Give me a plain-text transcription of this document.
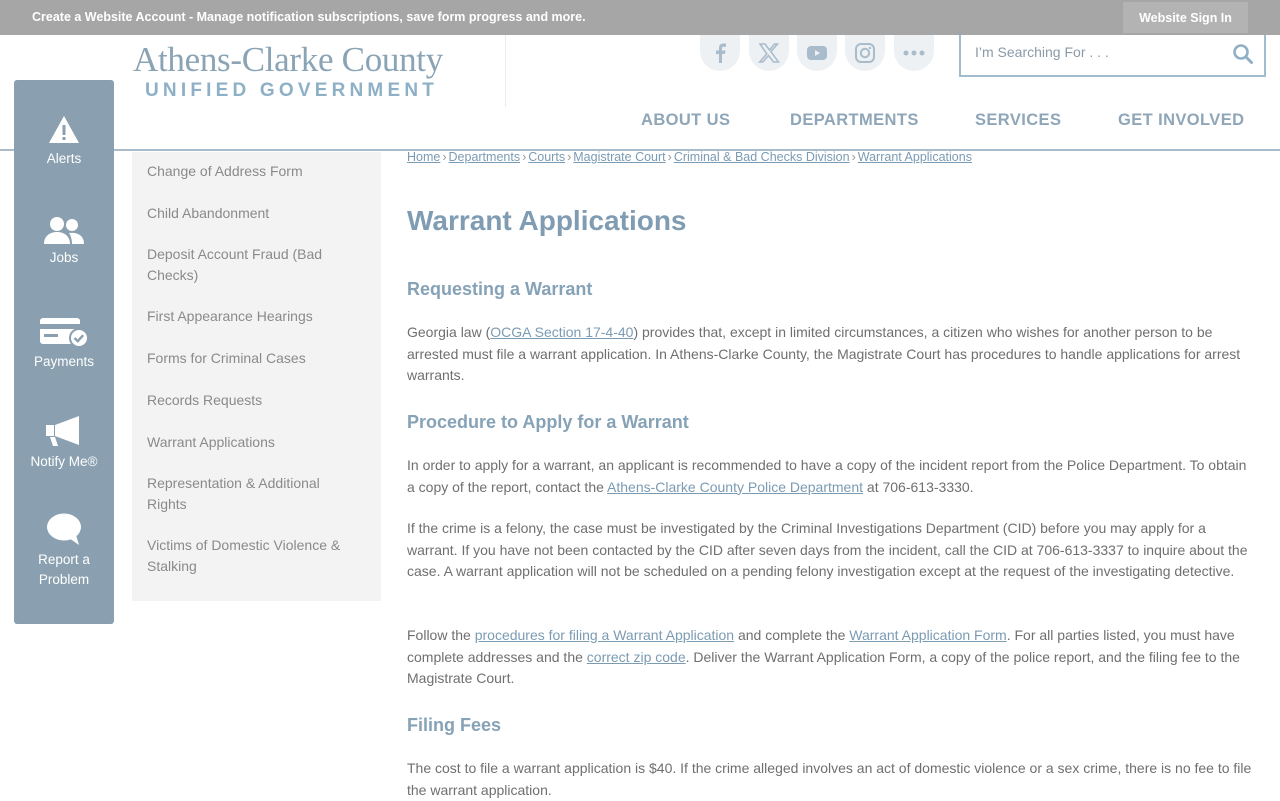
Create a Website Account - Manage notification subscriptions, save form progress and more.	Website Sign In
Athens-Clarke County
UNIFIED GOVERNMENT
I’m Searching For . . .
ABOUT US	DEPARTMENTS	SERVICES	GET INVOLVED
Alerts
Jobs
Payments
Notify Me®
Report a
Problem
Change of Address Form
Child Abandonment
Deposit Account Fraud (Bad Checks)
First Appearance Hearings
Forms for Criminal Cases
Records Requests
Warrant Applications
Representation & Additional Rights
Victims of Domestic Violence & Stalking
Home › Departments › Courts › Magistrate Court › Criminal & Bad Checks Division › Warrant Applications
Warrant Applications
Requesting a Warrant

Georgia law (OCGA Section 17-4-40) provides that, except in limited circumstances, a citizen who wishes for another person to be arrested must file a warrant application. In Athens-Clarke County, the Magistrate Court has procedures to handle applications for arrest warrants.

Procedure to Apply for a Warrant

In order to apply for a warrant, an applicant is recommended to have a copy of the incident report from the Police Department. To obtain a copy of the report, contact the Athens-Clarke County Police Department at 706-613-3330.

If the crime is a felony, the case must be investigated by the Criminal Investigations Department (CID) before you may apply for a warrant. If you have not been contacted by the CID after seven days from the incident, call the CID at 706-613-3337 to inquire about the case. A warrant application will not be scheduled on a pending felony investigation except at the request of the investigating detective.

Follow the procedures for filing a Warrant Application and complete the Warrant Application Form. For all parties listed, you must have complete addresses and the correct zip code. Deliver the Warrant Application Form, a copy of the police report, and the filing fee to the Magistrate Court.

Filing Fees

The cost to file a warrant application is $40. If the crime alleged involves an act of domestic violence or a sex crime, there is no fee to file the warrant application.
